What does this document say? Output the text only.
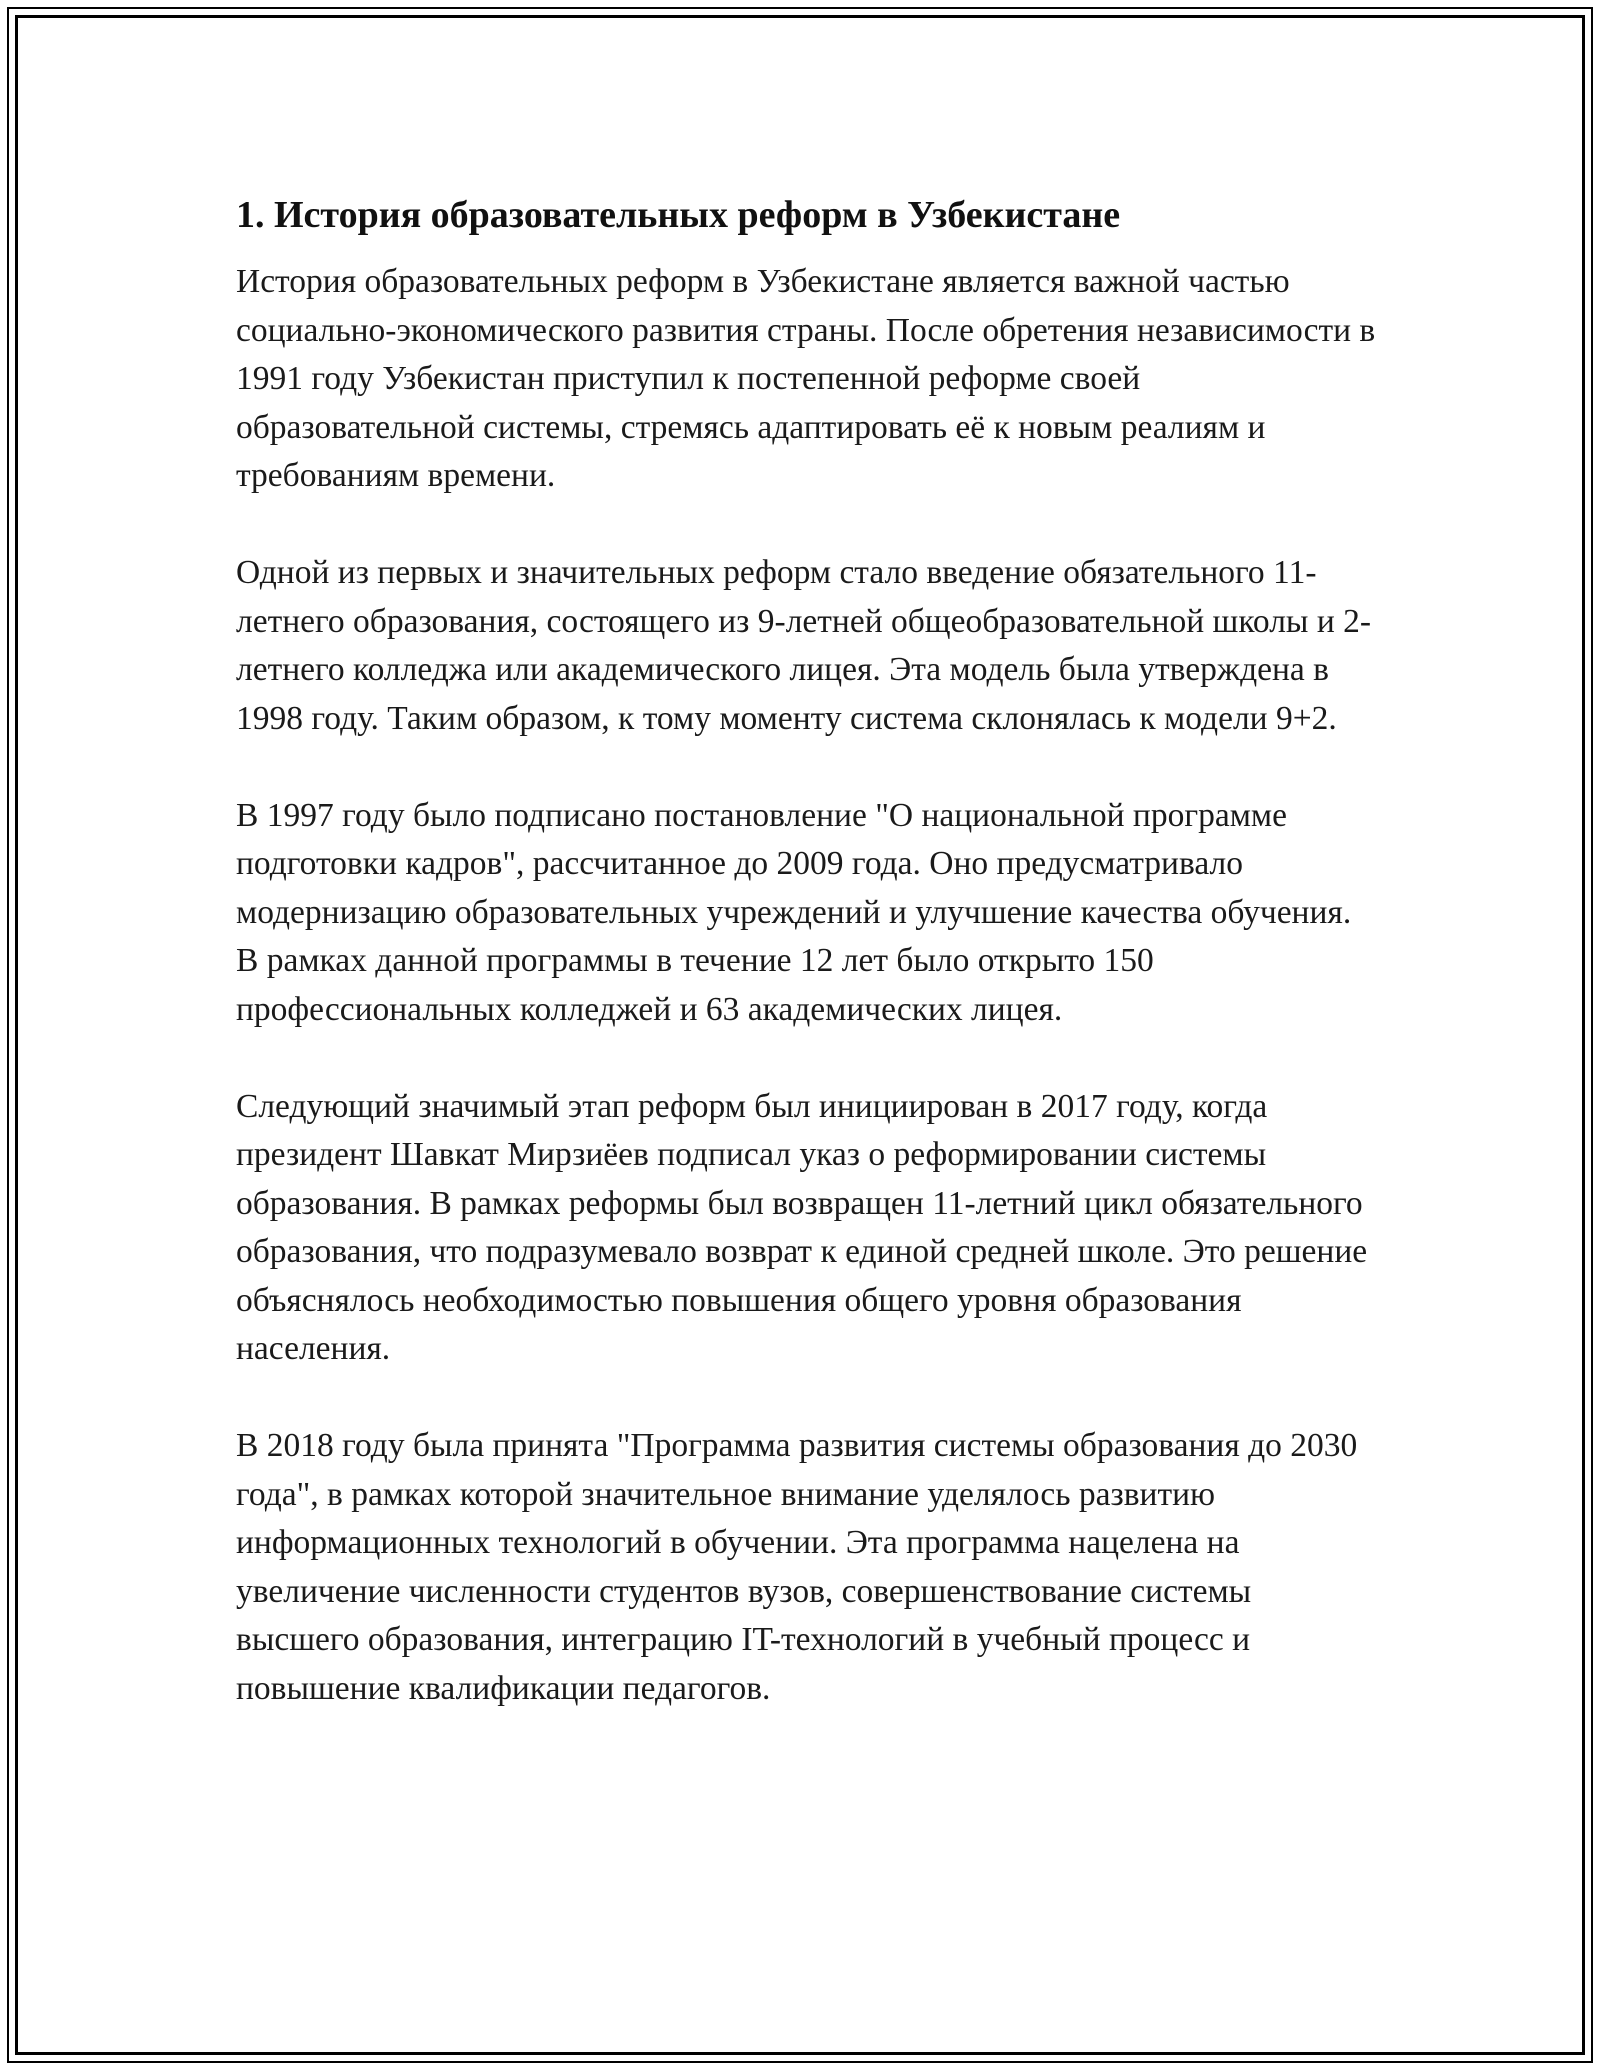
1. История образовательных реформ в Узбекистане

История образовательных реформ в Узбекистане является важной частью социально-экономического развития страны. После обретения независимости в 1991 году Узбекистан приступил к постепенной реформе своей образовательной системы, стремясь адаптировать её к новым реалиям и требованиям времени.

Одной из первых и значительных реформ стало введение обязательного 11-летнего образования, состоящего из 9-летней общеобразовательной школы и 2-летнего колледжа или академического лицея. Эта модель была утверждена в 1998 году. Таким образом, к тому моменту система склонялась к модели 9+2.

В 1997 году было подписано постановление "О национальной программе подготовки кадров", рассчитанное до 2009 года. Оно предусматривало модернизацию образовательных учреждений и улучшение качества обучения. В рамках данной программы в течение 12 лет было открыто 150 профессиональных колледжей и 63 академических лицея.

Следующий значимый этап реформ был инициирован в 2017 году, когда президент Шавкат Мирзиёев подписал указ о реформировании системы образования. В рамках реформы был возвращен 11-летний цикл обязательного образования, что подразумевало возврат к единой средней школе. Это решение объяснялось необходимостью повышения общего уровня образования населения.

В 2018 году была принята "Программа развития системы образования до 2030 года", в рамках которой значительное внимание уделялось развитию информационных технологий в обучении. Эта программа нацелена на увеличение численности студентов вузов, совершенствование системы высшего образования, интеграцию IT-технологий в учебный процесс и повышение квалификации педагогов.
